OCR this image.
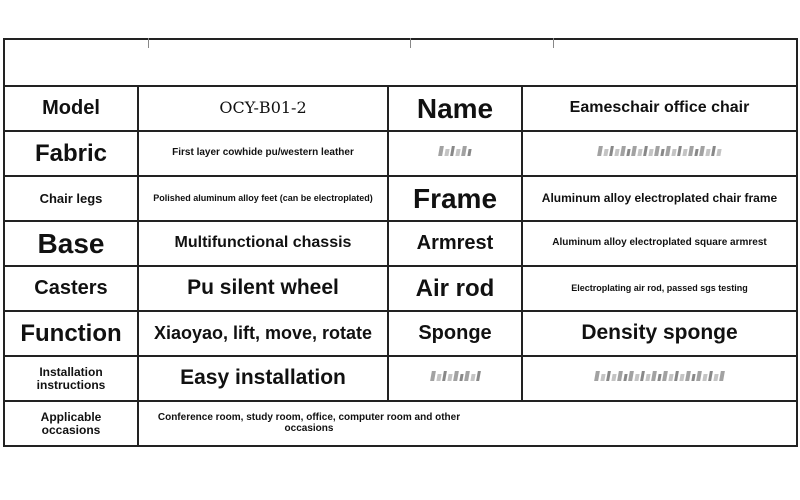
Model	OCY-B01-2	Name	Eameschair office chair
Fabric	First layer cowhide pu/western leather		
Chair legs	Polished aluminum alloy feet (can be electroplated)	Frame	Aluminum alloy electroplated chair frame
Base	Multifunctional chassis	Armrest	Aluminum alloy electroplated square armrest
Casters	Pu silent wheel	Air rod	Electroplating air rod, passed sgs testing
Function	Xiaoyao, lift, move, rotate	Sponge	Density sponge
Installation instructions	Easy installation		
Applicable occasions	Conference room, study room, office, computer room and other occasions		
